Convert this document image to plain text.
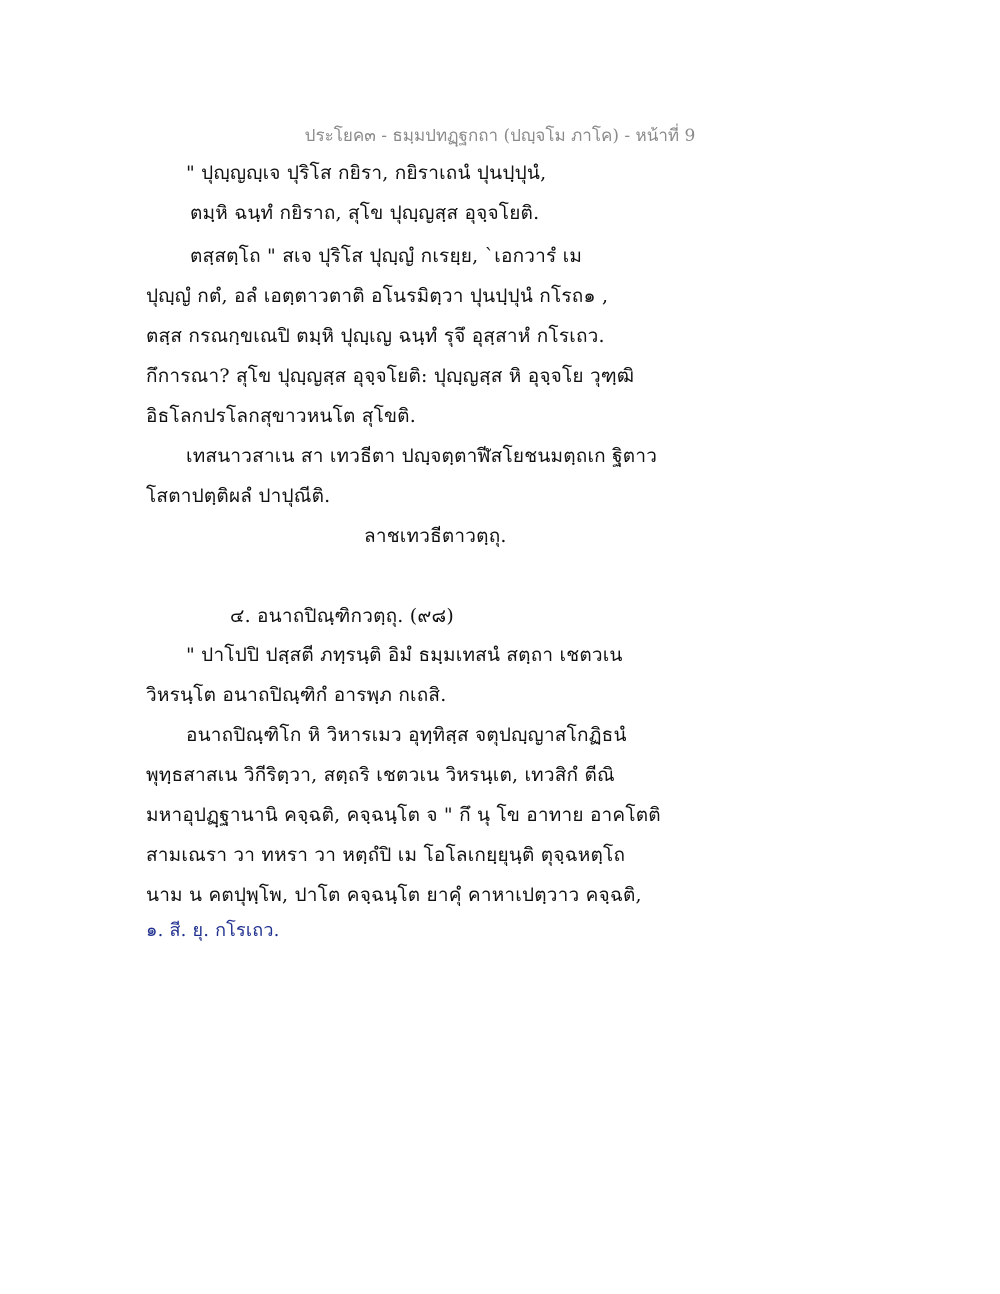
ประโยค๓ - ธมฺมปทฏฺฐกถา (ปญฺจโม ภาโค) - หน้าที่ 9
" ปุญฺญญฺเจ ปุริโส กยิรา, กยิราเถนํ ปุนปฺปุนํ,
ตมฺหิ ฉนฺทํ กยิราถ, สุโข ปุญฺญสฺส อุจฺจโยติ.
ตสฺสตฺโถ " สเจ ปุริโส ปุญฺญํ กเรยฺย, `เอกวารํ เม
ปุญฺญํ กตํ, อลํ เอตฺตาวตาติ อโนรมิตฺวา ปุนปฺปุนํ กโรถ๑ ,
ตสฺส กรณกฺขเณปิ ตมฺหิ ปุญฺเญ ฉนฺทํ รุจึ อุสฺสาหํ กโรเถว.
กึการณา? สุโข ปุญฺญสฺส อุจฺจโยติ: ปุญฺญสฺส หิ อุจฺจโย วุฑฺฒิ
อิธโลกปรโลกสุขาวหนโต สุโขติ.
เทสนาวสาเน สา เทวธีตา ปญฺจตฺตาฬีสโยชนมตฺถเก ฐิตาว
โสตาปตฺติผลํ ปาปุณีติ.
ลาชเทวธีตาวตฺถุ.
๔. อนาถปิณฺฑิกวตฺถุ. (๙๘)
" ปาโปปิ ปสฺสตี ภทฺรนฺติ อิมํ ธมฺมเทสนํ สตฺถา เชตวเน
วิหรนฺโต อนาถปิณฺฑิกํ อารพฺภ กเถสิ.
อนาถปิณฺฑิโก หิ วิหารเมว อุทฺทิสฺส จตุปญฺญาสโกฏิธนํ
พุทฺธสาสเน วิกีริตฺวา, สตฺถริ เชตวเน วิหรนฺเต, เทวสิกํ ตีณิ
มหาอุปฏฺฐานานิ คจฺฉติ, คจฺฉนฺโต จ " กึ นุ โข อาทาย อาคโตติ
สามเณรา วา ทหรา วา หตฺถํปิ เม โอโลเกยฺยุนฺติ ตุจฺฉหตฺโถ
นาม น คตปุพฺโพ, ปาโต คจฺฉนฺโต ยาคุํ คาหาเปตฺวาว คจฺฉติ,
๑. สี. ยุ. กโรเถว.
